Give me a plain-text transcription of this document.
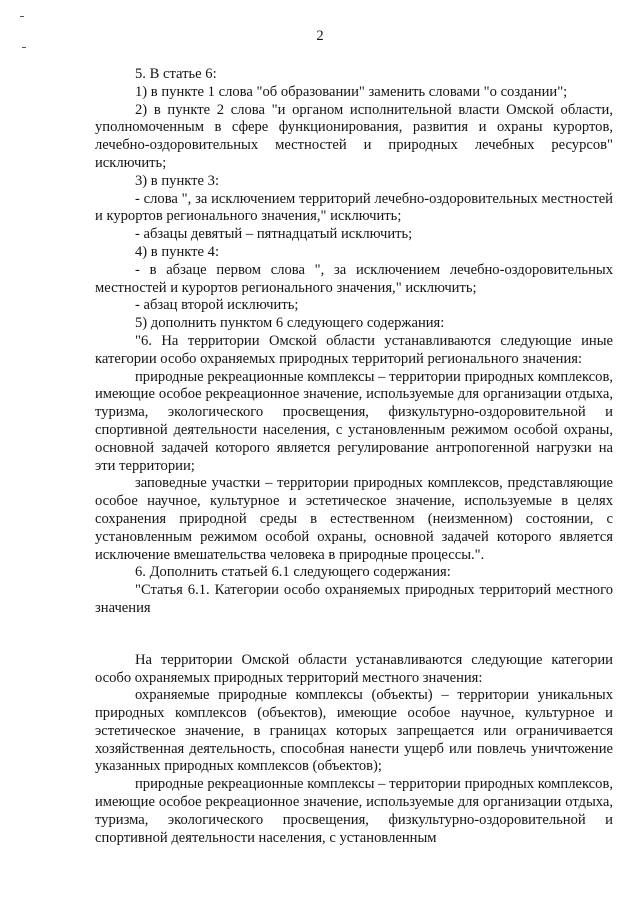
2

5. В статье 6:

1) в пункте 1 слова "об образовании" заменить словами "о создании";

2) в пункте 2 слова "и органом исполнительной власти Омской области, уполномоченным в сфере функционирования, развития и охраны курортов, лечебно-оздоровительных местностей и природных лечебных ресурсов" исключить;

3) в пункте 3:

- слова ", за исключением территорий лечебно-оздоровительных местностей и курортов регионального значения," исключить;

- абзацы девятый – пятнадцатый исключить;

4) в пункте 4:

- в абзаце первом слова ", за исключением лечебно-оздоровительных местностей и курортов регионального значения," исключить;

- абзац второй исключить;

5) дополнить пунктом 6 следующего содержания:

"6. На территории Омской области устанавливаются следующие иные категории особо охраняемых природных территорий регионального значения:

природные рекреационные комплексы – территории природных комплексов, имеющие особое рекреационное значение, используемые для организации отдыха, туризма, экологического просвещения, физкультурно-оздоровительной и спортивной деятельности населения, с установленным режимом особой охраны, основной задачей которого является регулирование антропогенной нагрузки на эти территории;

заповедные участки – территории природных комплексов, представляющие особое научное, культурное и эстетическое значение, используемые в целях сохранения природной среды в естественном (неизменном) состоянии, с установленным режимом особой охраны, основной задачей которого является исключение вмешательства человека в природные процессы.".

6. Дополнить статьей 6.1 следующего содержания:

"Статья 6.1. Категории особо охраняемых природных территорий местного значения

На территории Омской области устанавливаются следующие категории особо охраняемых природных территорий местного значения:

охраняемые природные комплексы (объекты) – территории уникальных природных комплексов (объектов), имеющие особое научное, культурное и эстетическое значение, в границах которых запрещается или ограничивается хозяйственная деятельность, способная нанести ущерб или повлечь уничтожение указанных природных комплексов (объектов);

природные рекреационные комплексы – территории природных комплексов, имеющие особое рекреационное значение, используемые для организации отдыха, туризма, экологического просвещения, физкультурно-оздоровительной и спортивной деятельности населения, с установленным
